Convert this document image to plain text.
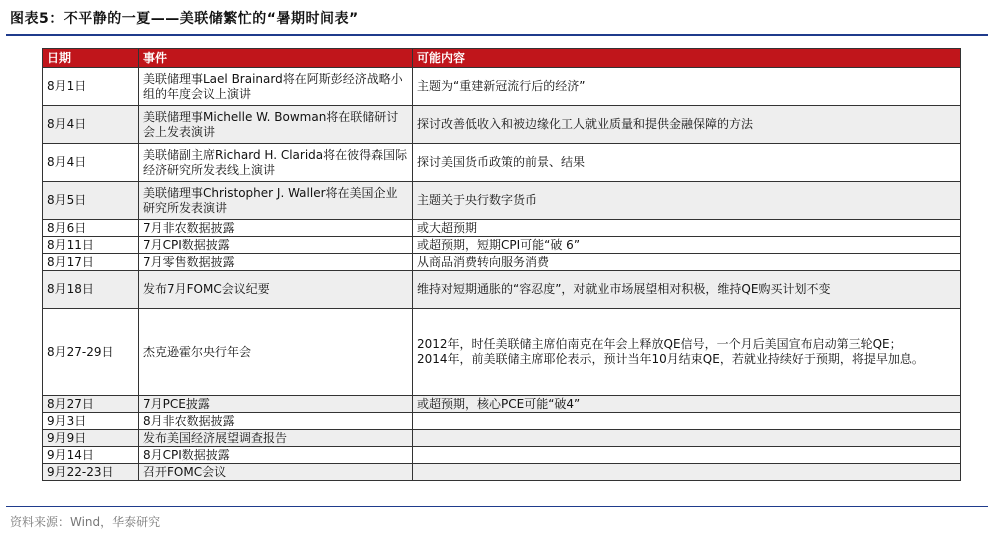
图表5：不平静的一夏——美联储繁忙的“暑期时间表”
日期	事件	可能内容
8月1日	美联储理事Lael Brainard将在阿斯彭经济战略小组的年度会议上演讲	主题为“重建新冠流行后的经济”
8月4日	美联储理事Michelle W. Bowman将在联储研讨会上发表演讲	探讨改善低收入和被边缘化工人就业质量和提供金融保障的方法
8月4日	美联储副主席Richard H. Clarida将在彼得森国际经济研究所发表线上演讲	探讨美国货币政策的前景、结果
8月5日	美联储理事Christopher J. Waller将在美国企业研究所发表演讲	主题关于央行数字货币
8月6日	7月非农数据披露	或大超预期
8月11日	7月CPI数据披露	或超预期，短期CPI可能“破 6”
8月17日	7月零售数据披露	从商品消费转向服务消费
8月18日	发布7月FOMC会议纪要	维持对短期通胀的“容忍度”，对就业市场展望相对积极，维持QE购买计划不变
8月27-29日	杰克逊霍尔央行年会	2012年，时任美联储主席伯南克在年会上释放QE信号，一个月后美国宣布启动第三轮QE；
2014年，前美联储主席耶伦表示，预计当年10月结束QE，若就业持续好于预期，将提早加息。
8月27日	7月PCE披露	或超预期，核心PCE可能“破4”
9月3日	8月非农数据披露	
9月9日	发布美国经济展望调查报告	
9月14日	8月CPI数据披露	
9月22-23日	召开FOMC会议	
资料来源：Wind，华泰研究
